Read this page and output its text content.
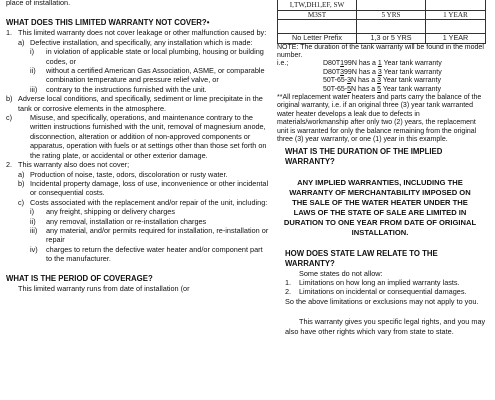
place of installation.

WHAT DOES THIS LIMITED WARRANTY NOT COVER?•

1. This limited warranty does not cover leakage or other malfunction caused by:

a) Defective installation, and specifically, any installation which is made:

i) in violation of applicable state or local plumbing, housing or building codes, or

ii) without a certified American Gas Association, ASME, or comparable combination temperature and pressure relief valve, or

iii) contrary to the instructions furnished with the unit.

b) Adverse local conditions, and specifically, sediment or lime precipitate in the tank or corrosive elements in the atmosphere.

c) Misuse, and specifically, operations, and maintenance contrary to the written instructions furnished with the unit, removal of magnesium anode, disconnection, alteration or addition of non-approved components or apparatus, operation with fuels or at settings other than those set forth on the rating plate, or accidental or other exterior damage.

2. This warranty also does not cover;

a) Production of noise, taste, odors, discoloration or rusty water.

b) Incidental property damage, loss of use, inconvenience or other incidental or consequential costs.

c) Costs associated with the replacement and/or repair of the unit, including:

i) any freight, shipping or delivery charges

ii) any removal, installation or re-installation charges

iii) any material, and/or permits required for installation, re-installation or repair

iv) charges to return the defective water heater and/or component part to the manufacturer.

WHAT IS THE PERIOD OF COVERAGE?

This limited warranty runs from date of installation (or

I,TW,DH1,EF, SW		
M3ST	5 YRS	1 YEAR

No Letter Prefix	1,3 or 5 YRS	1 YEAR

NOTE: The duration of the tank warranty will be found in the model number.

i.e.;	D80T199N has a 1 Year tank warranty
D80T399N has a 3 Year tank warranty
50T-65-3N has a 3 Year tank warranty
50T-65-5N has a 5 Year tank warranty

**All replacement water heaters and parts carry the balance of the original warranty, i.e. if an original three (3) year tank warranted water heater develops a leak due to defects in materials/workmanship after only two (2) years, the replacement unit is warranted for only the balance remaining from the original three (3) year warranty, or one (1) year in this example.

WHAT IS THE DURATION OF THE IMPLIED WARRANTY?

ANY IMPLIED WARRANTIES, INCLUDING THE WARRANTY OF MERCHANTABILITY IMPOSED ON THE SALE OF THE WATER HEATER UNDER THE LAWS OF THE STATE OF SALE ARE LIMITED IN DURATION TO ONE YEAR FROM DATE OF ORIGINAL INSTALLATION.

HOW DOES STATE LAW RELATE TO THE WARRANTY?

Some states do not allow:

1. Limitations on how long an implied warranty lasts.

2. Limitations on incidental or consequential damages.

So the above limitations or exclusions may not apply to you.

This warranty gives you specific legal rights, and you may also have other rights which vary from state to state.
